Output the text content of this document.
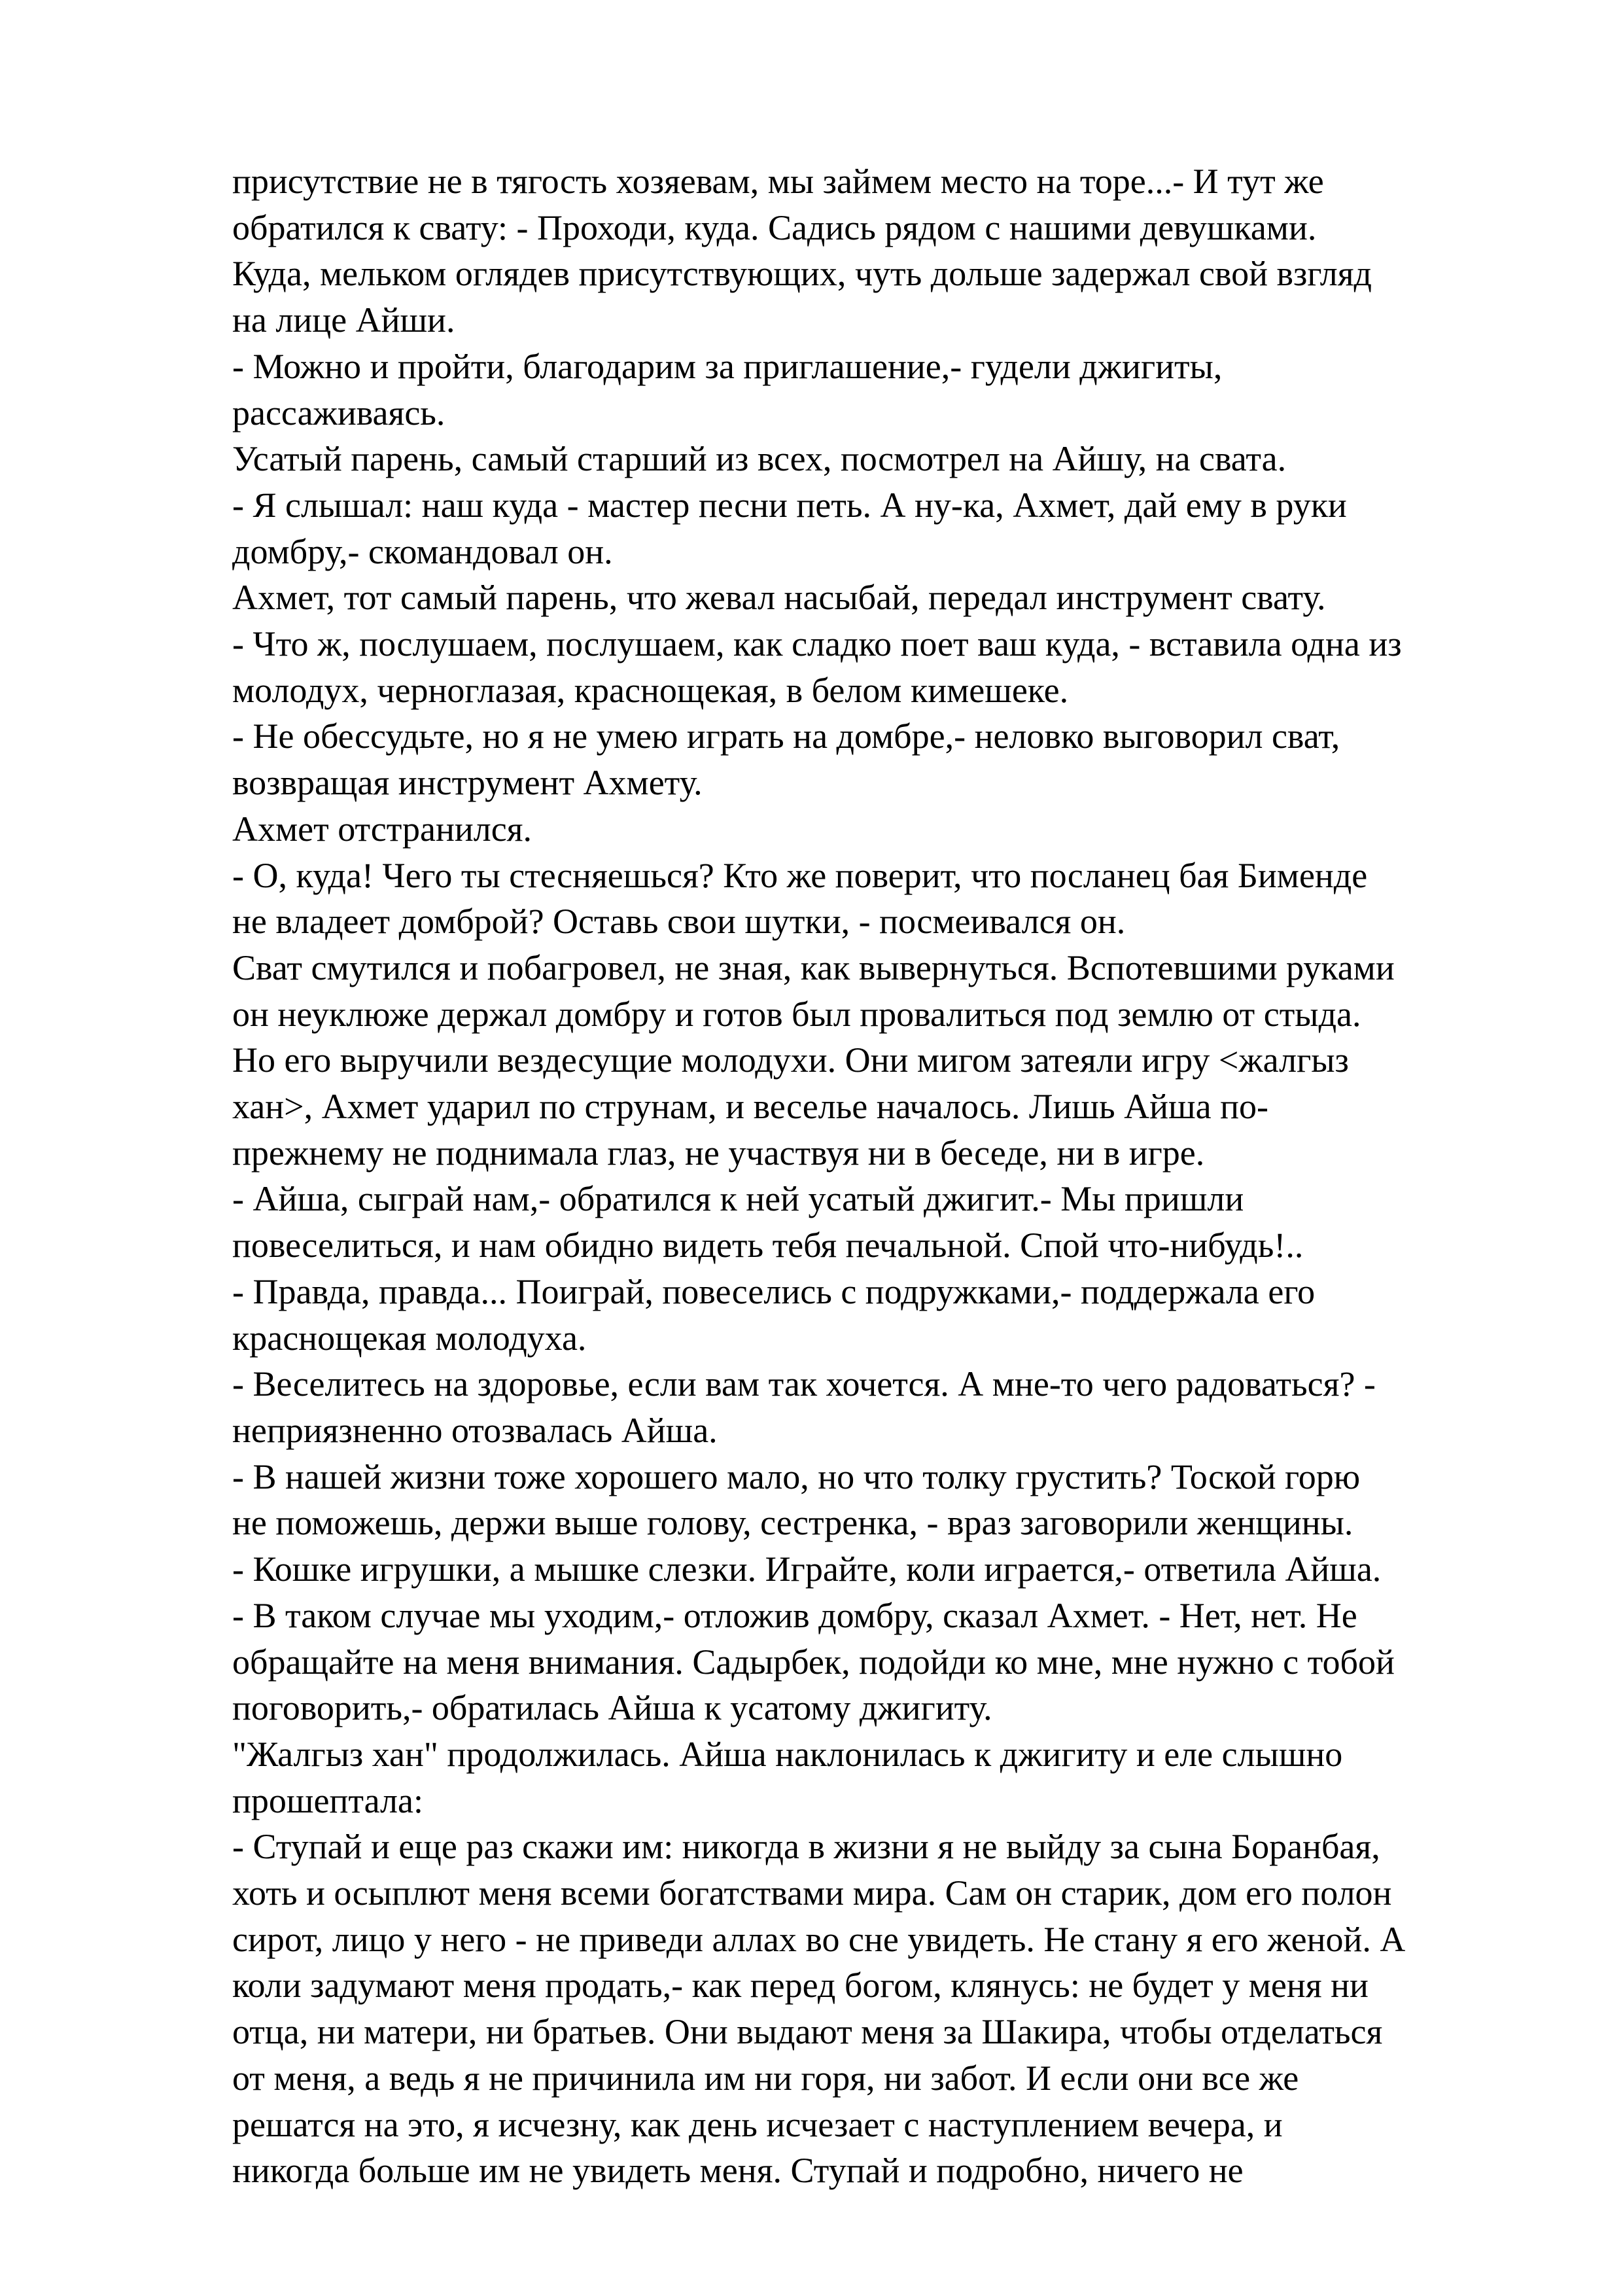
присутствие не в тягость хозяевам, мы займем место на торе...- И тут же
обратился к свату: - Проходи, куда. Садись рядом с нашими девушками.
Куда, мельком оглядев присутствующих, чуть дольше задержал свой взгляд
на лице Айши.
- Можно и пройти, благодарим за приглашение,- гудели джигиты,
рассаживаясь.
Усатый парень, самый старший из всех, посмотрел на Айшу, на свата.
- Я слышал: наш куда - мастер песни петь. А ну-ка, Ахмет, дай ему в руки
домбру,- скомандовал он.
Ахмет, тот самый парень, что жевал насыбай, передал инструмент свату.
- Что ж, послушаем, послушаем, как сладко поет ваш куда, - вставила одна из
молодух, черноглазая, краснощекая, в белом кимешеке.
- Не обессудьте, но я не умею играть на домбре,- неловко выговорил сват,
возвращая инструмент Ахмету.
Ахмет отстранился.
- О, куда! Чего ты стесняешься? Кто же поверит, что посланец бая Бименде
не владеет домброй? Оставь свои шутки, - посмеивался он.
Сват смутился и побагровел, не зная, как вывернуться. Вспотевшими руками
он неуклюже держал домбру и готов был провалиться под землю от стыда.
Но его выручили вездесущие молодухи. Они мигом затеяли игру <жалгыз
хан>, Ахмет ударил по струнам, и веселье началось. Лишь Айша по-
прежнему не поднимала глаз, не участвуя ни в беседе, ни в игре.
- Айша, сыграй нам,- обратился к ней усатый джигит.- Мы пришли
повеселиться, и нам обидно видеть тебя печальной. Спой что-нибудь!..
- Правда, правда... Поиграй, повеселись с подружками,- поддержала его
краснощекая молодуха.
- Веселитесь на здоровье, если вам так хочется. А мне-то чего радоваться? -
неприязненно отозвалась Айша.
- В нашей жизни тоже хорошего мало, но что толку грустить? Тоской горю
не поможешь, держи выше голову, сестренка, - враз заговорили женщины.
- Кошке игрушки, а мышке слезки. Играйте, коли играется,- ответила Айша.
- В таком случае мы уходим,- отложив домбру, сказал Ахмет. - Нет, нет. Не
обращайте на меня внимания. Садырбек, подойди ко мне, мне нужно с тобой
поговорить,- обратилась Айша к усатому джигиту.
"Жалгыз хан" продолжилась. Айша наклонилась к джигиту и еле слышно
прошептала:
- Ступай и еще раз скажи им: никогда в жизни я не выйду за сына Боранбая,
хоть и осыплют меня всеми богатствами мира. Сам он старик, дом его полон
сирот, лицо у него - не приведи аллах во сне увидеть. Не стану я его женой. А
коли задумают меня продать,- как перед богом, клянусь: не будет у меня ни
отца, ни матери, ни братьев. Они выдают меня за Шакира, чтобы отделаться
от меня, а ведь я не причинила им ни горя, ни забот. И если они все же
решатся на это, я исчезну, как день исчезает с наступлением вечера, и
никогда больше им не увидеть меня. Ступай и подробно, ничего не
